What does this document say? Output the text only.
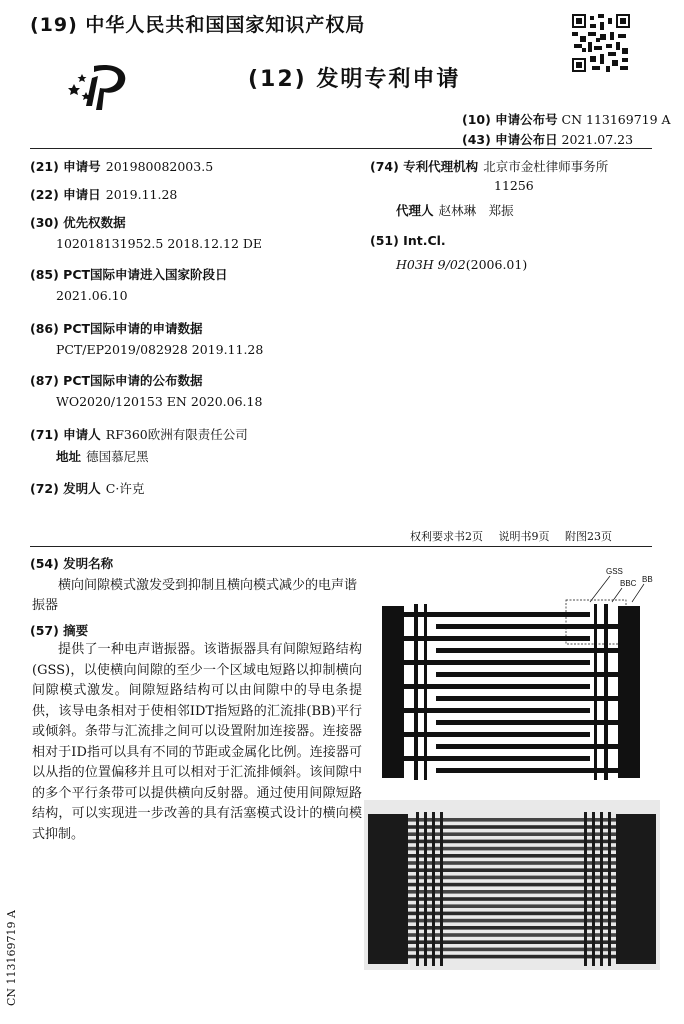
(19) 中华人民共和国国家知识产权局
(12) 发明专利申请
(10) 申请公布号 CN 113169719 A
(43) 申请公布日 2021.07.23
(21) 申请号 201980082003.5
(22) 申请日 2019.11.28
(30) 优先权数据
102018131952.5 2018.12.12 DE
(85) PCT国际申请进入国家阶段日
2021.06.10
(86) PCT国际申请的申请数据
PCT/EP2019/082928 2019.11.28
(87) PCT国际申请的公布数据
WO2020/120153 EN 2020.06.18
(71) 申请人 RF360欧洲有限责任公司
地址 德国慕尼黑
(72) 发明人 C·许克
(74) 专利代理机构 北京市金杜律师事务所
11256
代理人 赵林琳　郑振
(51) Int.Cl.
H03H 9/02(2006.01)
权利要求书2页 说明书9页 附图23页
(54) 发明名称
横向间隙模式激发受到抑制且横向模式减少的电声谐振器
(57) 摘要
提供了一种电声谐振器。该谐振器具有间隙短路结构(GSS)，以使横向间隙的至少一个区域电短路以抑制横向间隙模式激发。间隙短路结构可以由间隙中的导电条提供，该导电条相对于使相邻IDT指短路的汇流排(BB)平行或倾斜。条带与汇流排之间可以设置附加连接器。连接器相对于ID指可以具有不同的节距或金属化比例。连接器可以从指的位置偏移并且可以相对于汇流排倾斜。该间隙中的多个平行条带可以提供横向反射器。通过使用间隙短路结构，可以实现进一步改善的具有活塞模式设计的横向模式抑制。
GSS
BBC BB
CN 113169719 A
